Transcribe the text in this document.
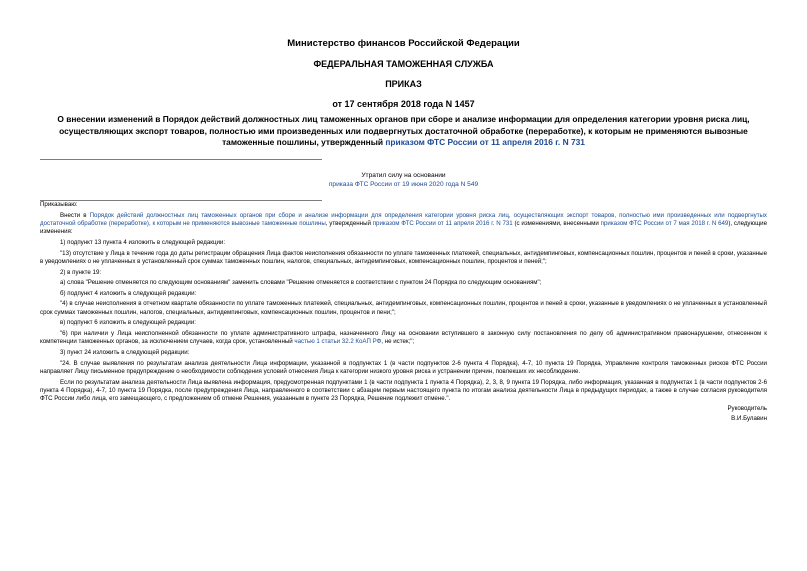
Министерство финансов Российской Федерации
ФЕДЕРАЛЬНАЯ ТАМОЖЕННАЯ СЛУЖБА
ПРИКАЗ
от 17 сентября 2018 года N 1457
О внесении изменений в Порядок действий должностных лиц таможенных органов при сборе и анализе информации для определения категории уровня риска лиц, осуществляющих экспорт товаров, полностью ими произведенных или подвергнутых достаточной обработке (переработке), к которым не применяются вывозные таможенные пошлины, утвержденный приказом ФТС России от 11 апреля 2016 г. N 731
Утратил силу на основании
приказа ФТС России от 19 июня 2020 года N 549

Приказываю:

Внести в Порядок действий должностных лиц таможенных органов при сборе и анализе информации для определения категории уровня риска лиц, осуществляющих экспорт товаров, полностью ими произведенных или подвергнутых достаточной обработке (переработке), к которым не применяются вывозные таможенные пошлины, утвержденный приказом ФТС России от 11 апреля 2016 г. N 731 (с изменениями, внесенными приказом ФТС России от 7 мая 2018 г. N 649), следующие изменения:

1) подпункт 13 пункта 4 изложить в следующей редакции:

"13) отсутствие у Лица в течение года до даты регистрации обращения Лица фактов неисполнения обязанности по уплате таможенных платежей, специальных, антидемпинговых, компенсационных пошлин, процентов и пеней в сроки, указанные в уведомлениях о не уплаченных в установленный срок суммах таможенных пошлин, налогов, специальных, антидемпинговых, компенсационных пошлин, процентов и пеней;";

2) в пункте 19:

а) слова "Решение отменяется по следующим основаниям" заменить словами "Решение отменяется в соответствии с пунктом 24 Порядка по следующим основаниям";

б) подпункт 4 изложить в следующей редакции:

"4) в случае неисполнения в отчетном квартале обязанности по уплате таможенных платежей, специальных, антидемпинговых, компенсационных пошлин, процентов и пеней в сроки, указанные в уведомлениях о не уплаченных в установленный срок суммах таможенных пошлин, налогов, специальных, антидемпинговых, компенсационных пошлин, процентов и пени;";

в) подпункт 6 изложить в следующей редакции:

"6) при наличии у Лица неисполненной обязанности по уплате административного штрафа, назначенного Лицу на основании вступившего в законную силу постановления по делу об административном правонарушении, отнесенном к компетенции таможенных органов, за исключением случаев, когда срок, установленный частью 1 статьи 32.2 КоАП РФ, не истек;";

3) пункт 24 изложить в следующей редакции:

"24. В случае выявления по результатам анализа деятельности Лица информации, указанной в подпунктах 1 (в части подпунктов 2-6 пункта 4 Порядка), 4-7, 10 пункта 19 Порядка, Управление контроля таможенных рисков ФТС России направляет Лицу письменное предупреждение о необходимости соблюдения условий отнесения Лица к категории низкого уровня риска и устранении причин, повлекших их несоблюдение.

Если по результатам анализа деятельности Лица выявлена информация, предусмотренная подпунктами 1 (в части подпункта 1 пункта 4 Порядка), 2, 3, 8, 9 пункта 19 Порядка, либо информация, указанная в подпунктах 1 (в части подпунктов 2-6 пункта 4 Порядка), 4-7, 10 пункта 19 Порядка, после предупреждения Лица, направленного в соответствии с абзацем первым настоящего пункта по итогам анализа деятельности Лица в предыдущих периодах, а также в случае согласия руководителя ФТС России либо лица, его замещающего, с предложением об отмене Решения, указанным в пункте 23 Порядка, Решение подлежит отмене.".

Руководитель
В.И.Булавин
